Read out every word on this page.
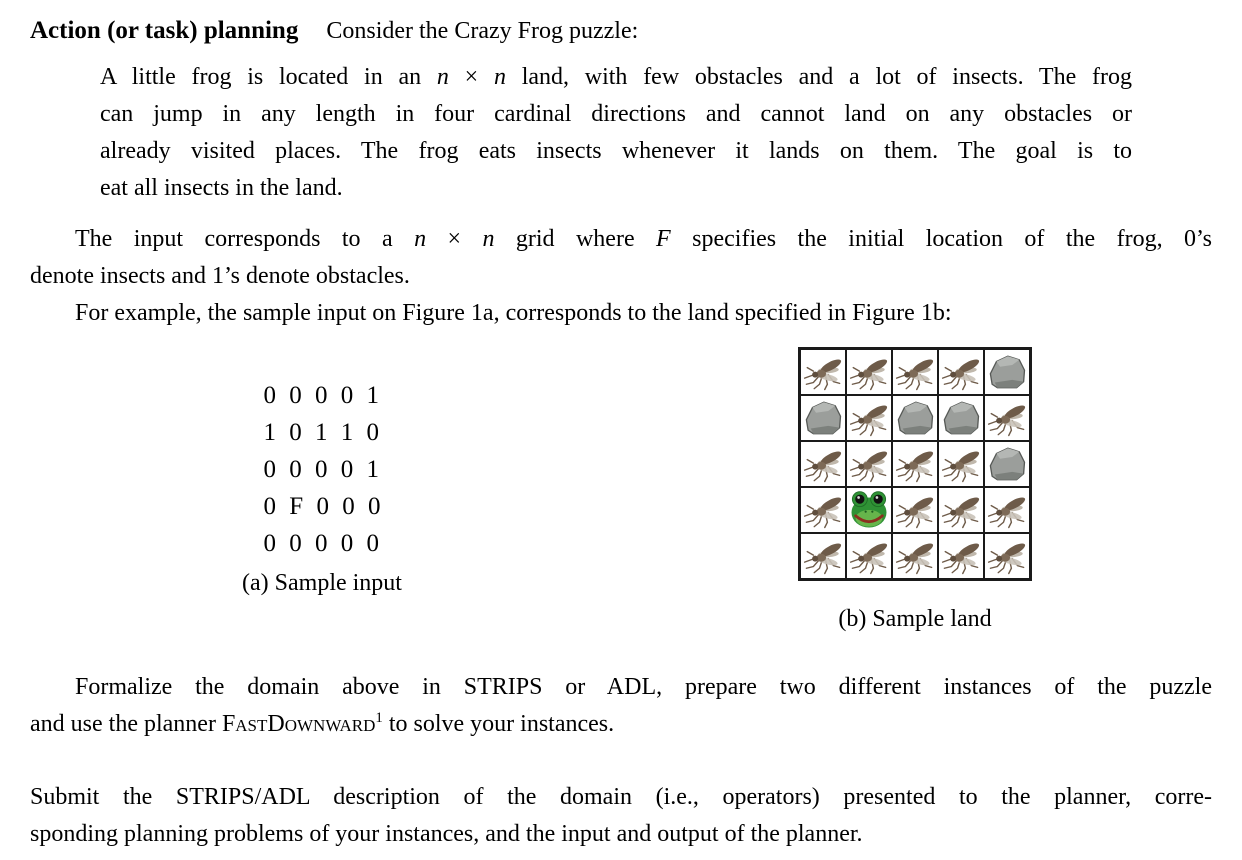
Action (or task) planning Consider the Crazy Frog puzzle:
A little frog is located in an n × n land, with few obstacles and a lot of insects. The frog
can jump in any length in four cardinal directions and cannot land on any obstacles or
already visited places. The frog eats insects whenever it lands on them. The goal is to
eat all insects in the land.
The input corresponds to a n × n grid where F specifies the initial location of the frog, 0’s
denote insects and 1’s denote obstacles.
For example, the sample input on Figure 1a, corresponds to the land specified in Figure 1b:
0 0 0 0 1
1 0 1 1 0
0 0 0 0 1
0 F 0 0 0
0 0 0 0 0
(a) Sample input
(b) Sample land
Formalize the domain above in STRIPS or ADL, prepare two different instances of the puzzle
and use the planner FastDownward$^1$ to solve your instances.
Submit the STRIPS/ADL description of the domain (i.e., operators) presented to the planner, corre-
sponding planning problems of your instances, and the input and output of the planner.
